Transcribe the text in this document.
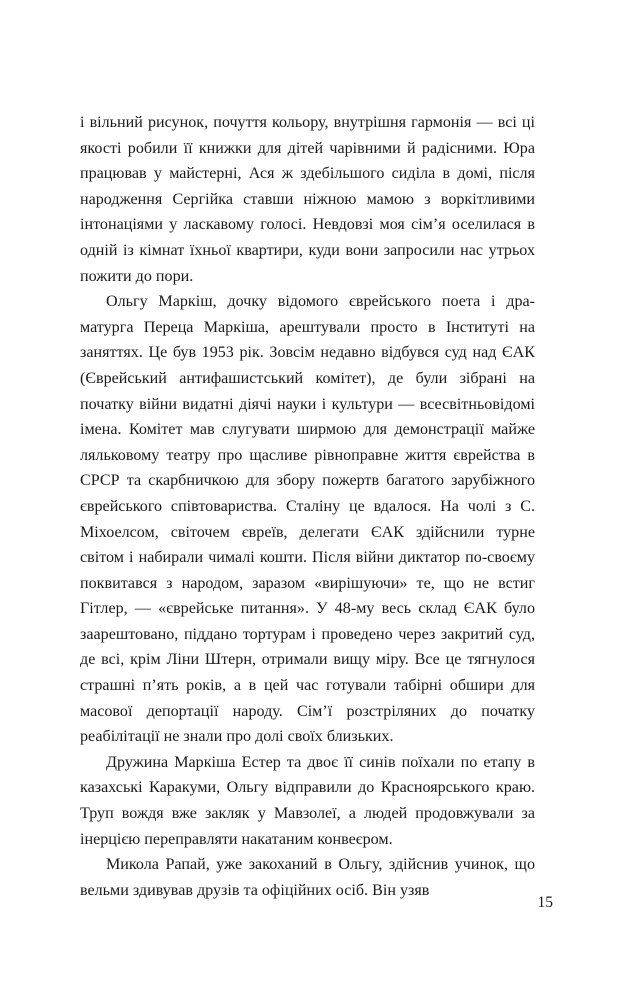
і вільний рисунок, почуття кольору, внутрішня гармонія — всі ці якості робили її книжки для дітей чарівними й радісними. Юра працював у майстерні, Ася ж здебільшого сиділа в домі, після народження Сергійка ставши ніжною мамою з воркітливими інтонаціями у ласкавому голосі. Невдовзі моя сім’я оселилася в одній із кімнат їхньої квартири, куди вони запросили нас утрьох пожити до пори.

Ольгу Маркіш, дочку відомого єврейського поета і драматурга Переца Маркіша, арештували просто в Інституті на заняттях. Це був 1953 рік. Зовсім недавно відбувся суд над ЄАК (Єврейський антифашистський комітет), де були зібрані на початку війни видатні діячі науки і культури — всесвітньовідомі імена. Комітет мав слугувати ширмою для демонстрації майже ляльковому театру про щасливе рівноправне життя єврейства в СРСР та скарбничкою для збору пожертв багатого зарубіжного єврейського співтовариства. Сталіну це вдалося. На чолі з С. Міхоелсом, світочем євреїв, делегати ЄАК здійснили турне світом і набирали чималі кошти. Після війни диктатор по-своєму поквитався з народом, заразом «вирішуючи» те, що не встиг Гітлер, — «єврейське питання». У 48-му весь склад ЄАК було заарештовано, піддано тортурам і проведено через закритий суд, де всі, крім Ліни Штерн, отримали вищу міру. Все це тягнулося страшні п’ять років, а в цей час готували табірні обшири для масової депортації народу. Сім’ї розстріляних до початку реабілітації не знали про долі своїх близьких.

Дружина Маркіша Естер та двоє її синів поїхали по етапу в казахські Каракуми, Ольгу відправили до Красноярського краю. Труп вождя вже закляк у Мавзолеї, а людей продовжували за інерцією переправляти накатаним конвеєром.

Микола Рапай, уже закоханий в Ольгу, здійснив учинок, що вельми здивував друзів та офіційних осіб. Він узяв

15
